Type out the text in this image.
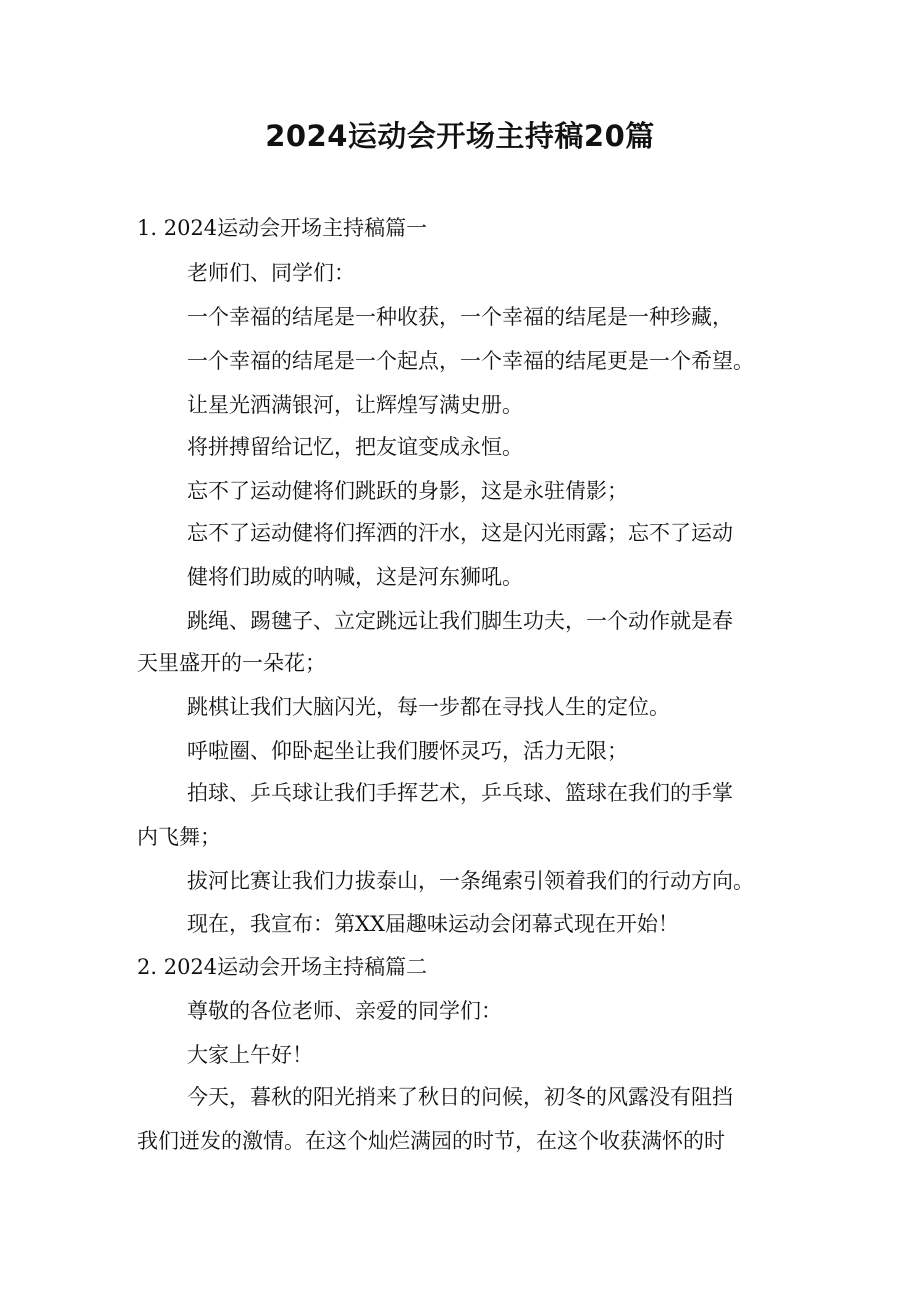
2024运动会开场主持稿20篇
1. 2024运动会开场主持稿篇一
老师们、同学们：
一个幸福的结尾是一种收获，一个幸福的结尾是一种珍藏，
一个幸福的结尾是一个起点，一个幸福的结尾更是一个希望。
让星光洒满银河，让辉煌写满史册。
将拼搏留给记忆，把友谊变成永恒。
忘不了运动健将们跳跃的身影，这是永驻倩影；
忘不了运动健将们挥洒的汗水，这是闪光雨露；忘不了运动
健将们助威的呐喊，这是河东狮吼。
跳绳、踢毽子、立定跳远让我们脚生功夫，一个动作就是春
天里盛开的一朵花；
跳棋让我们大脑闪光，每一步都在寻找人生的定位。
呼啦圈、仰卧起坐让我们腰怀灵巧，活力无限；
拍球、乒乓球让我们手挥艺术，乒乓球、篮球在我们的手掌
内飞舞；
拔河比赛让我们力拔泰山，一条绳索引领着我们的行动方向。
现在，我宣布：第XX届趣味运动会闭幕式现在开始！
2. 2024运动会开场主持稿篇二
尊敬的各位老师、亲爱的同学们：
大家上午好！
今天，暮秋的阳光捎来了秋日的问候，初冬的风露没有阻挡
我们迸发的激情。在这个灿烂满园的时节，在这个收获满怀的时
